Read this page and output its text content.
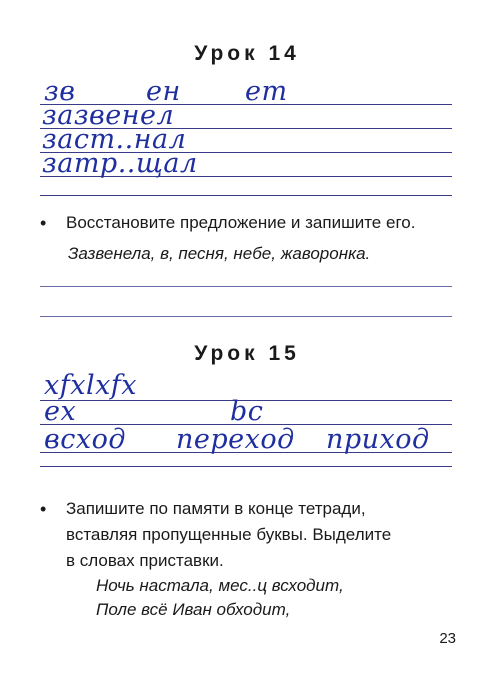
Урок 14
зв	ен ет
зазвенел
заст..нал
затр..щал
• Восстановите предложение и запишите его.
Зазвенела, в, песня, небе, жаворонка.
Урок 15
xfxlxfx
ex	bc
вcxoд nepexoд npuxoд
• Запишите по памяти в конце тетради,
вставляя пропущенные буквы. Выделите
в словах приставки.
Ночь настала, мес..ц всходит,
Поле всё Иван обходит,
23
